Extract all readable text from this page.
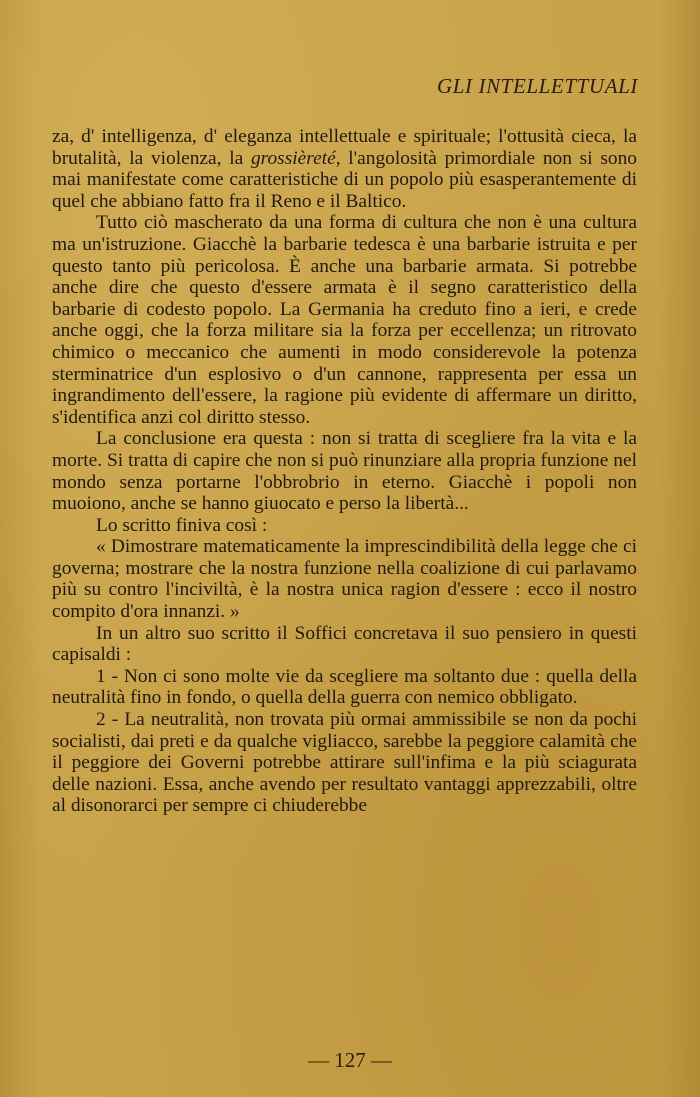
GLI INTELLETTUALI

za, d' intelligenza, d' eleganza intellettuale e spirituale; l'ottusità cieca, la brutalità, la violenza, la grossièreté, l'angolosità primordiale non si sono mai manifestate come caratteristiche di un popolo più esasperantemente di quel che abbiano fatto fra il Reno e il Baltico.

Tutto ciò mascherato da una forma di cultura che non è una cultura ma un'istruzione. Giacchè la barbarie tedesca è una barbarie istruita e per questo tanto più pericolosa. È anche una barbarie armata. Si potrebbe anche dire che questo d'essere armata è il segno caratteristico della barbarie di codesto popolo. La Germania ha creduto fino a ieri, e crede anche oggi, che la forza militare sia la forza per eccellenza; un ritrovato chimico o meccanico che aumenti in modo considerevole la potenza sterminatrice d'un esplosivo o d'un cannone, rappresenta per essa un ingrandimento dell'essere, la ragione più evidente di affermare un diritto, s'identifica anzi col diritto stesso.

La conclusione era questa : non si tratta di scegliere fra la vita e la morte. Si tratta di capire che non si può rinunziare alla propria funzione nel mondo senza portarne l'obbrobrio in eterno. Giacchè i popoli non muoiono, anche se hanno giuocato e perso la libertà...

Lo scritto finiva così :

« Dimostrare matematicamente la imprescindibilità della legge che ci governa; mostrare che la nostra funzione nella coalizione di cui parlavamo più su contro l'inciviltà, è la nostra unica ragion d'essere : ecco il nostro compito d'ora innanzi. »

In un altro suo scritto il Soffici concretava il suo pensiero in questi capisaldi :

1 - Non ci sono molte vie da scegliere ma soltanto due : quella della neutralità fino in fondo, o quella della guerra con nemico obbligato.

2 - La neutralità, non trovata più ormai ammissibile se non da pochi socialisti, dai preti e da qualche vigliacco, sarebbe la peggiore calamità che il peggiore dei Governi potrebbe attirare sull'infima e la più sciagurata delle nazioni. Essa, anche avendo per resultato vantaggi apprezzabili, oltre al disonorarci per sempre ci chiuderebbe

— 127 —
